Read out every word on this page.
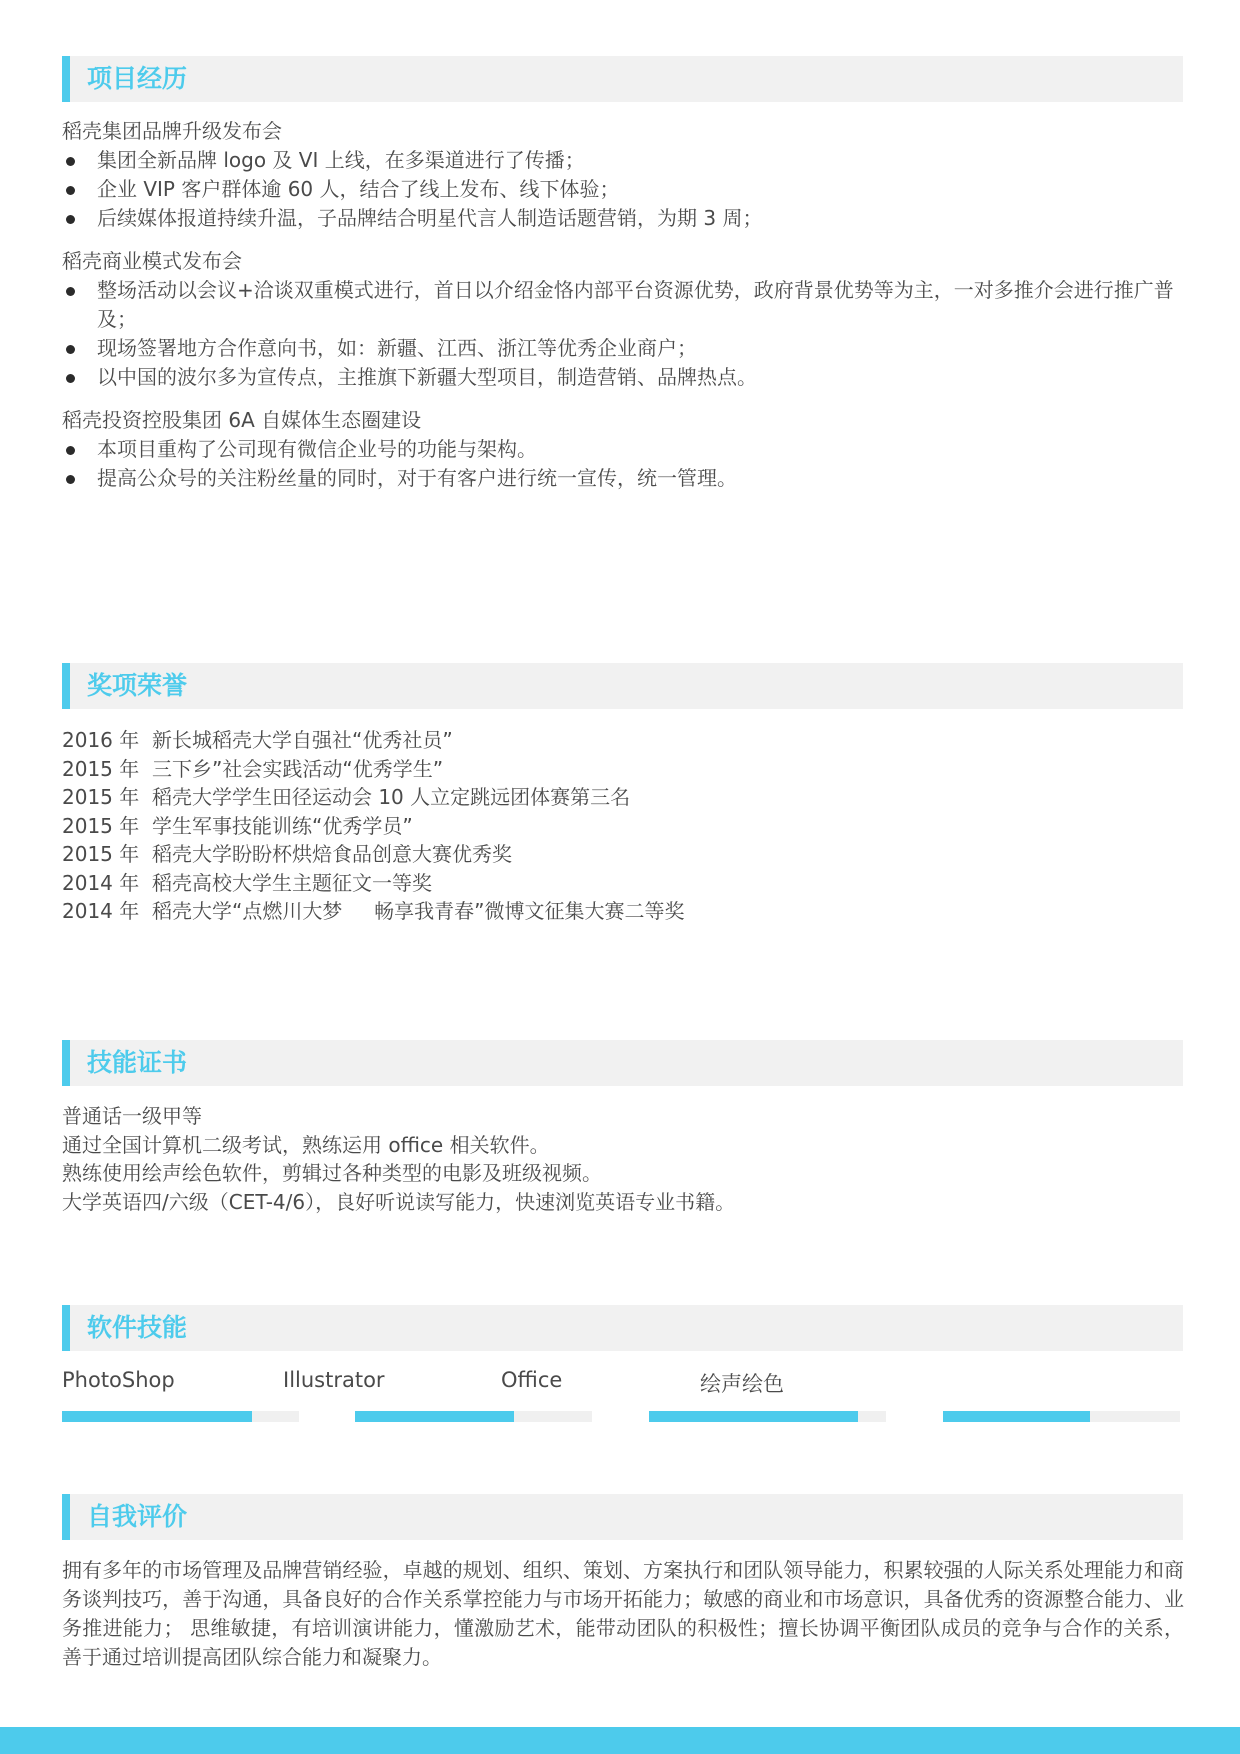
项目经历

稻壳集团品牌升级发布会

集团全新品牌 logo 及 VI 上线，在多渠道进行了传播；
企业 VIP 客户群体逾 60 人，结合了线上发布、线下体验；
后续媒体报道持续升温，子品牌结合明星代言人制造话题营销，为期 3 周；

稻壳商业模式发布会

整场活动以会议+洽谈双重模式进行，首日以介绍金恪内部平台资源优势，政府背景优势等为主，一对多推介会进行推广普及；
现场签署地方合作意向书，如：新疆、江西、浙江等优秀企业商户；
以中国的波尔多为宣传点，主推旗下新疆大型项目，制造营销、品牌热点。

稻壳投资控股集团 6A 自媒体生态圈建设

本项目重构了公司现有微信企业号的功能与架构。
提高公众号的关注粉丝量的同时，对于有客户进行统一宣传，统一管理。
奖项荣誉
2016 年  新长城稻壳大学自强社“优秀社员”
2015 年  三下乡”社会实践活动“优秀学生”
2015 年  稻壳大学学生田径运动会 10 人立定跳远团体赛第三名
2015 年  学生军事技能训练“优秀学员”
2015 年  稻壳大学盼盼杯烘焙食品创意大赛优秀奖
2014 年  稻壳高校大学生主题征文一等奖
2014 年  稻壳大学“点燃川大梦     畅享我青春”微博文征集大赛二等奖
技能证书
普通话一级甲等
通过全国计算机二级考试，熟练运用 office 相关软件。
熟练使用绘声绘色软件，剪辑过各种类型的电影及班级视频。
大学英语四/六级（CET-4/6），良好听说读写能力，快速浏览英语专业书籍。
软件技能
PhotoShop	Illustrator	Office	绘声绘色
自我评价
拥有多年的市场管理及品牌营销经验，卓越的规划、组织、策划、方案执行和团队领导能力，积累较强的人际关系处理能力和商务谈判技巧，善于沟通，具备良好的合作关系掌控能力与市场开拓能力；敏感的商业和市场意识，具备优秀的资源整合能力、业务推进能力； 思维敏捷，有培训演讲能力，懂激励艺术，能带动团队的积极性；擅长协调平衡团队成员的竞争与合作的关系，善于通过培训提高团队综合能力和凝聚力。
